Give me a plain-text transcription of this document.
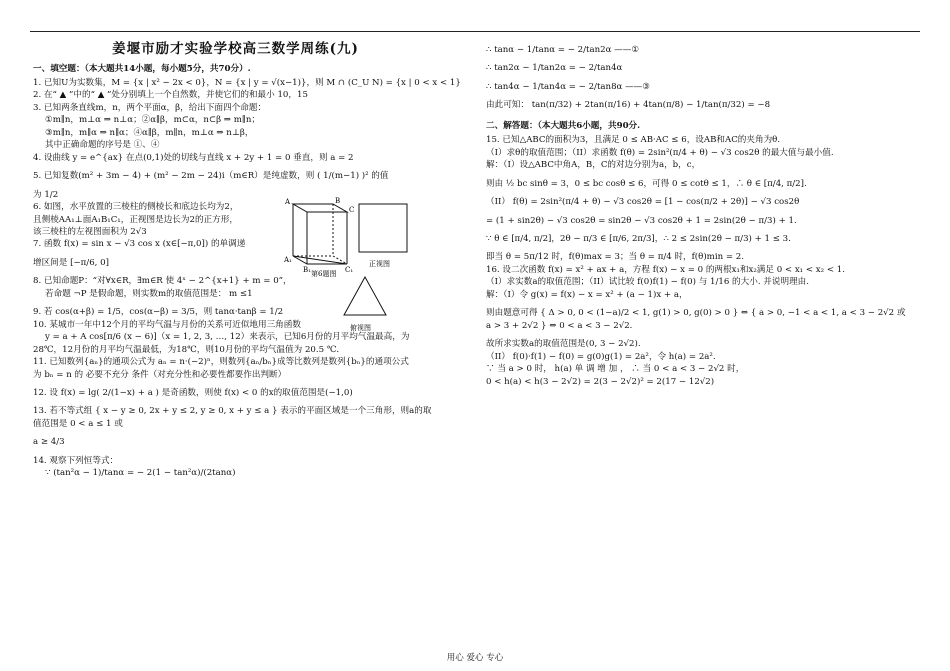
姜堰市励才实验学校高三数学周练(九)
一、填空题：（本大题共14小题，每小题5分，共70分）.
1. 已知U为实数集，M = {x | x² − 2x < 0}，N = {x | y = √(x−1)}，则 M ∩ (C_U N) = {x | 0 < x < 1}
2. 在“ ▲ ”中的“ ▲ ”处分别填上一个自然数，并使它们的和最小 10，15
3. 已知两条直线m，n，两个平面α，β，给出下面四个命题：
①m∥n，m⊥α ⇒ n⊥α；②α∥β，m⊂α，n⊂β ⇒ m∥n；
③m∥n，m∥α ⇒ n∥α；④α∥β，m∥n，m⊥α ⇒ n⊥β，
其中正确命题的序号是 ①、④
4. 设曲线 y = e^{ax} 在点(0,1)处的切线与直线 x + 2y + 1 = 0 垂直，则 a = 2
5. 已知复数(m² + 3m − 4) + (m² − 2m − 24)i（m∈R）是纯虚数，则 ( 1/(m−1) )² 的值
为 1/2
6. 如图，水平放置的三棱柱的侧棱长和底边长均为2，
且侧棱AA₁⊥面A₁B₁C₁，正视图是边长为2的正方形，
该三棱柱的左视图面积为 2√3
7. 函数 f(x) = sin x − √3 cos x (x∈[−π,0]) 的单调递
增区间是 [−π/6, 0]
8. 已知命题P：“对∀x∈R，∃m∈R 使 4ˣ − 2^{x+1} + m = 0”，
若命题 ¬P 是假命题，则实数m的取值范围是： m ≤1
9. 若 cos(α+β) = 1/5，cos(α−β) = 3/5，则 tanα·tanβ = 1/2
10. 某城市一年中12个月的平均气温与月份的关系可近似地用三角函数
y = a + A cos[π/6 (x − 6)]（x = 1, 2, 3, …, 12）来表示，已知6月份的月平均气温最高，为
28℃，12月份的月平均气温最低，为18℃，则10月份的平均气温值为 20.5 ℃.
11. 已知数列{aₙ}的通项公式为 aₙ = n·(−2)ⁿ，则数列{aₙ/bₙ}成等比数列是数列{bₙ}的通项公式
为 bₙ = n 的 必要不充分 条件（对充分性和必要性都要作出判断）
12. 设 f(x) = lg( 2/(1−x) + a ) 是奇函数，则使 f(x) < 0 的x的取值范围是(−1,0)
13. 若不等式组 { x − y ≥ 0, 2x + y ≤ 2, y ≥ 0, x + y ≤ a } 表示的平面区域是一个三角形，则a的取值范围是 0 < a ≤ 1 或
a ≥ 4/3
14. 观察下列恒等式：
∵ (tan²α − 1)/tanα = − 2(1 − tan²α)/(2tanα)
A	B
C
A₁
B₁	C₁
第6题图
正视图
俯视图
∴ tanα − 1/tanα = − 2/tan2α ——①
∴ tan2α − 1/tan2α = − 2/tan4α
∴ tan4α − 1/tan4α = − 2/tan8α ——③
由此可知： tan(π/32) + 2tan(π/16) + 4tan(π/8) − 1/tan(π/32) = −8
二、解答题：（本大题共6小题，共90分.
15. 已知△ABC的面积为3，且满足 0 ≤ AB·AC ≤ 6，设AB和AC的夹角为θ.
（I）求θ的取值范围；（II）求函数 f(θ) = 2sin²(π/4 + θ) − √3 cos2θ 的最大值与最小值.
解：（I）设△ABC中角A，B，C的对边分别为a，b，c，
则由 ½ bc sinθ = 3，0 ≤ bc cosθ ≤ 6，可得 0 ≤ cotθ ≤ 1，∴ θ ∈ [π/4, π/2].
（II） f(θ) = 2sin²(π/4 + θ) − √3 cos2θ = [1 − cos(π/2 + 2θ)] − √3 cos2θ
= (1 + sin2θ) − √3 cos2θ = sin2θ − √3 cos2θ + 1 = 2sin(2θ − π/3) + 1.
∵ θ ∈ [π/4, π/2]，2θ − π/3 ∈ [π/6, 2π/3]，∴ 2 ≤ 2sin(2θ − π/3) + 1 ≤ 3.
即当 θ = 5π/12 时，f(θ)max = 3；当 θ = π/4 时，f(θ)min = 2.
16. 设二次函数 f(x) = x² + ax + a，方程 f(x) − x = 0 的两根x₁和x₂满足 0 < x₁ < x₂ < 1.
（I）求实数a的取值范围；（II）试比较 f(0)f(1) − f(0) 与 1/16 的大小. 并说明理由.
解：（I）令 g(x) = f(x) − x = x² + (a − 1)x + a，
则由题意可得 { Δ > 0, 0 < (1−a)/2 < 1, g(1) > 0, g(0) > 0 } ⇔ { a > 0, −1 < a < 1, a < 3 − 2√2 或 a > 3 + 2√2 } ⇔ 0 < a < 3 − 2√2.
故所求实数a的取值范围是(0, 3 − 2√2).
（II） f(0)·f(1) − f(0) = g(0)g(1) = 2a²，令 h(a) = 2a².
∵ 当 a > 0 时， h(a) 单 调 增 加 ， ∴ 当 0 < a < 3 − 2√2 时，
0 < h(a) < h(3 − 2√2) = 2(3 − 2√2)² = 2(17 − 12√2)
用心 爱心 专心
